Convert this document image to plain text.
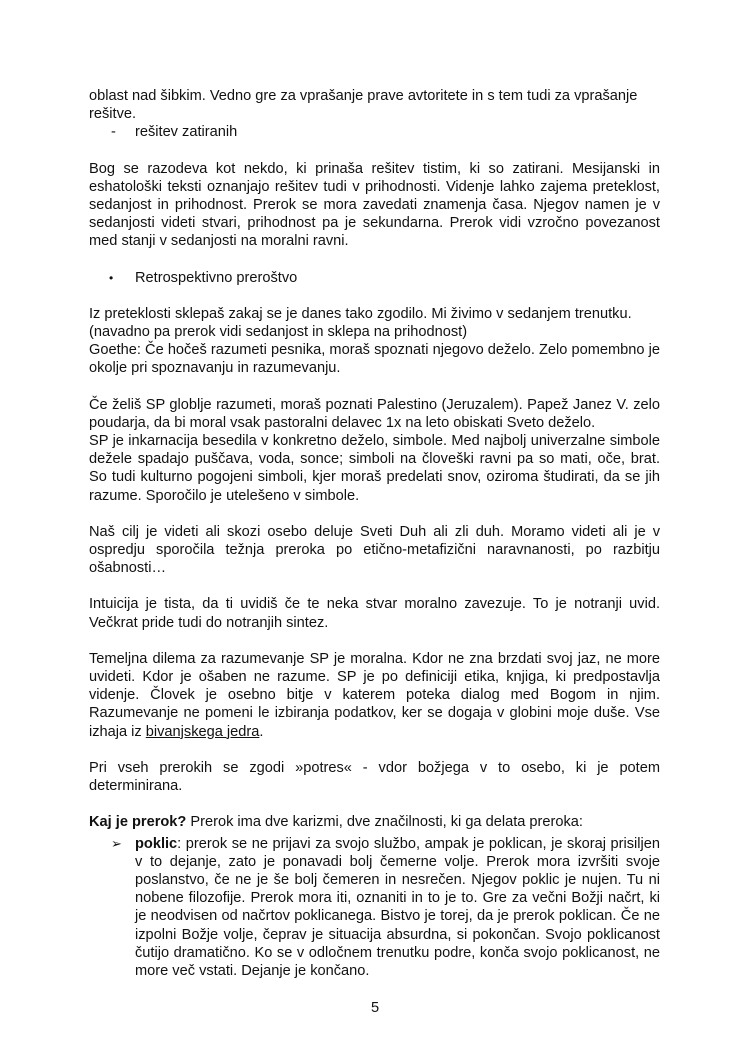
oblast nad šibkim. Vedno gre za vprašanje prave avtoritete in s tem tudi za vprašanje rešitve.

- rešitev zatiranih

Bog se razodeva kot nekdo, ki prinaša rešitev tistim, ki so zatirani. Mesijanski in eshatološki teksti oznanjajo rešitev tudi v prihodnosti. Videnje lahko zajema preteklost, sedanjost in prihodnost. Prerok se mora zavedati znamenja časa. Njegov namen je v sedanjosti videti stvari, prihodnost pa je sekundarna. Prerok vidi vzročno povezanost med stanji v sedanjosti na moralni ravni.

• Retrospektivno preroštvo

Iz preteklosti sklepaš zakaj se je danes tako zgodilo. Mi živimo v sedanjem trenutku.

(navadno pa prerok vidi sedanjost in sklepa na prihodnost)

Goethe: Če hočeš razumeti pesnika, moraš spoznati njegovo deželo. Zelo pomembno je okolje pri spoznavanju in razumevanju.

Če želiš SP globlje razumeti, moraš poznati Palestino (Jeruzalem). Papež Janez V. zelo poudarja, da bi moral vsak pastoralni delavec 1x na leto obiskati Sveto deželo.

SP je inkarnacija besedila v konkretno deželo, simbole. Med najbolj univerzalne simbole dežele spadajo puščava, voda, sonce; simboli na človeški ravni pa so mati, oče, brat. So tudi kulturno pogojeni simboli, kjer moraš predelati snov, oziroma študirati, da se jih razume. Sporočilo je utelešeno v simbole.

Naš cilj je videti ali skozi osebo deluje Sveti Duh ali zli duh. Moramo videti ali je v ospredju sporočila težnja preroka po etično-metafizični naravnanosti, po razbitju ošabnosti…

Intuicija je tista, da ti uvidiš če te neka stvar moralno zavezuje. To je notranji uvid. Večkrat pride tudi do notranjih sintez.

Temeljna dilema za razumevanje SP je moralna. Kdor ne zna brzdati svoj jaz, ne more uvideti. Kdor je ošaben ne razume. SP je po definiciji etika, knjiga, ki predpostavlja videnje. Človek je osebno bitje v katerem poteka dialog med Bogom in njim. Razumevanje ne pomeni le izbiranja podatkov, ker se dogaja v globini moje duše. Vse izhaja iz bivanjskega jedra.

Pri vseh prerokih se zgodi »potres« - vdor božjega v to osebo, ki je potem determinirana.

Kaj je prerok? Prerok ima dve karizmi, dve značilnosti, ki ga delata preroka:

➢ poklic: prerok se ne prijavi za svojo službo, ampak je poklican, je skoraj prisiljen v to dejanje, zato je ponavadi bolj čemerne volje. Prerok mora izvršiti svoje poslanstvo, če ne je še bolj čemeren in nesrečen. Njegov poklic je nujen. Tu ni nobene filozofije. Prerok mora iti, oznaniti in to je to. Gre za večni Božji načrt, ki je neodvisen od načrtov poklicanega. Bistvo je torej, da je prerok poklican. Če ne izpolni Božje volje, čeprav je situacija absurdna, si pokončan. Svojo poklicanost čutijo dramatično. Ko se v odločnem trenutku podre, konča svojo poklicanost, ne more več vstati. Dejanje je končano.
5
